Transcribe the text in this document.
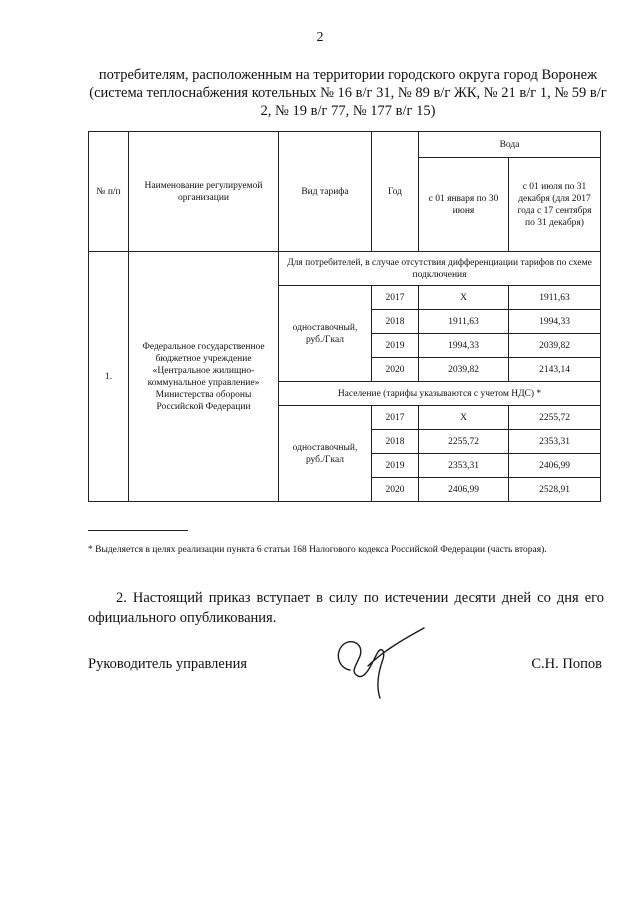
2
потребителям, расположенным на территории городского округа город Воронеж (система теплоснабжения котельных № 16 в/г 31, № 89 в/г ЖК, № 21 в/г 1, № 59 в/г 2, № 19 в/г 77, № 177 в/г 15)
№ п/п	Наименование регулируемой организации	Вид тарифа	Год	Вода	
				с 01 января по 30 июня	с 01 июля по 31 декабря (для 2017 года с 17 сентября по 31 декабря)
1.	Федеральное государственное бюджетное учреждение «Центральное жилищно-коммунальное управление» Министерства обороны Российской Федерации	Для потребителей, в случае отсутствия дифференциации тарифов по схеме подключения			
		одноставочный, руб./Гкал	2017	Х	1911,63
			2018	1911,63	1994,33
			2019	1994,33	2039,82
			2020	2039,82	2143,14
		Население (тарифы указываются с учетом НДС) *			
		одноставочный, руб./Гкал	2017	Х	2255,72
			2018	2255,72	2353,31
			2019	2353,31	2406,99
			2020	2406,99	2528,91
* Выделяется в целях реализации пункта 6 статьи 168 Налогового кодекса Российской Федерации (часть вторая).
2. Настоящий приказ вступает в силу по истечении десяти дней со дня его официального опубликования.
Руководитель управления	С.Н. Попов
